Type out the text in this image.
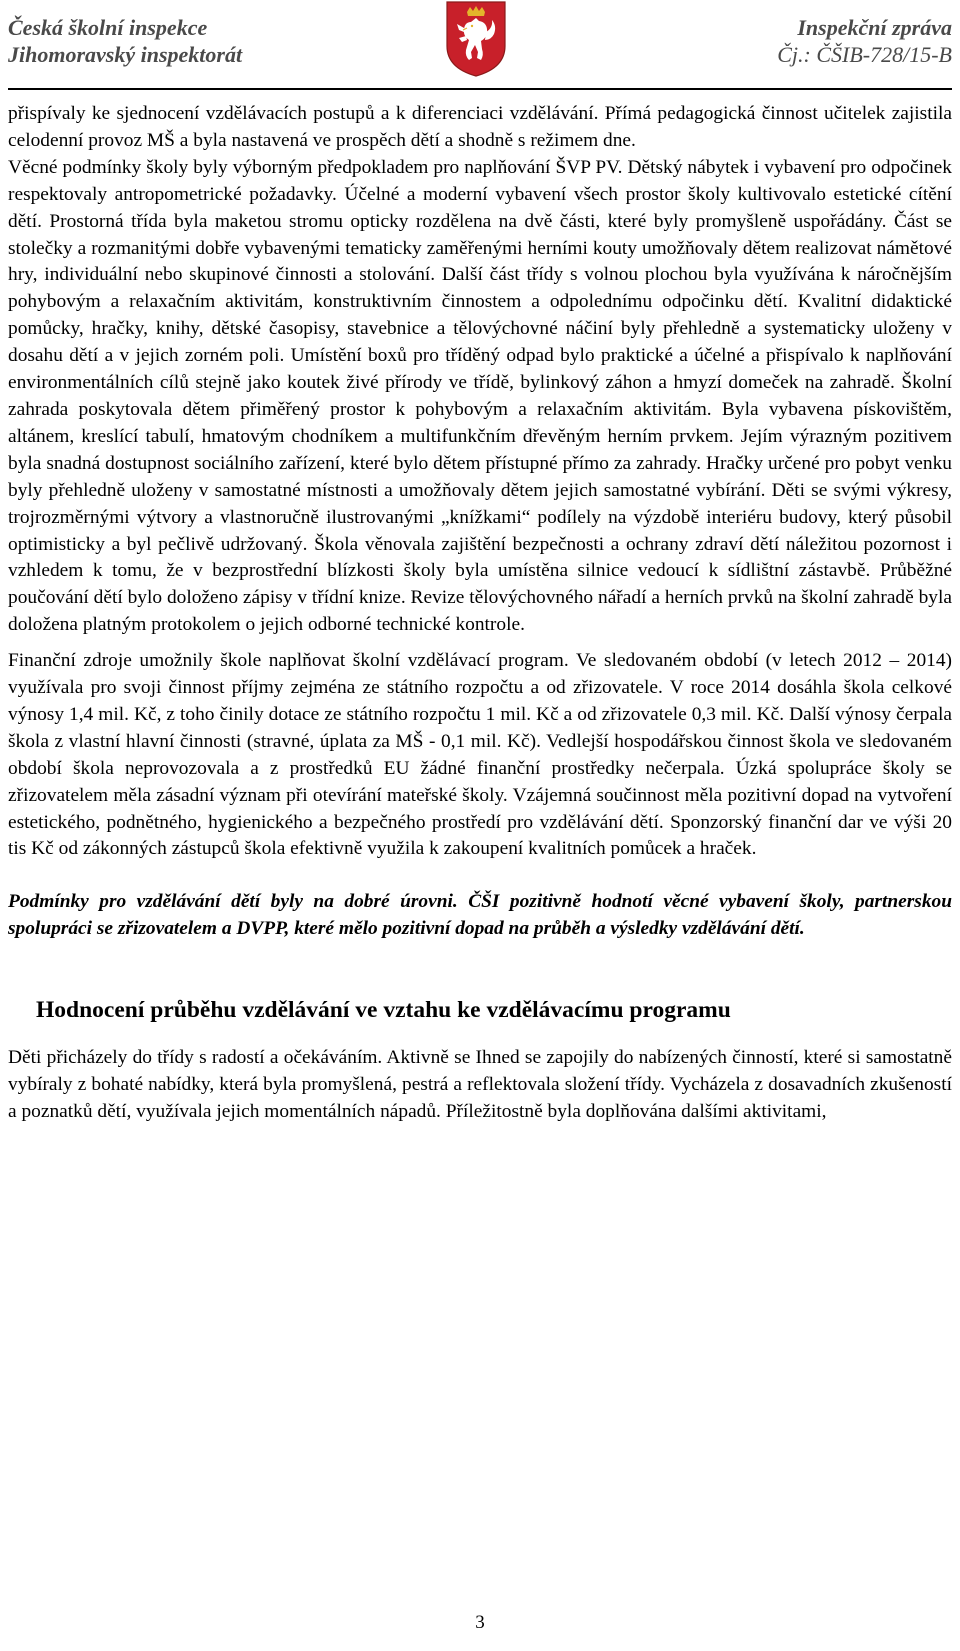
Česká školní inspekce
Jihomoravský inspektorát
Inspekční zpráva
Čj.: ČŠIB-728/15-B

přispívaly ke sjednocení vzdělávacích postupů a k diferenciaci vzdělávání. Přímá pedagogická činnost učitelek zajistila celodenní provoz MŠ a byla nastavená ve prospěch dětí a shodně s režimem dne.

Věcné podmínky školy byly výborným předpokladem pro naplňování ŠVP PV. Dětský nábytek i vybavení pro odpočinek respektovaly antropometrické požadavky. Účelné a moderní vybavení všech prostor školy kultivovalo estetické cítění dětí. Prostorná třída byla maketou stromu opticky rozdělena na dvě části, které byly promyšleně uspořádány. Část se stolečky a rozmanitými dobře vybavenými tematicky zaměřenými herními kouty umožňovaly dětem realizovat námětové hry, individuální nebo skupinové činnosti a stolování. Další část třídy s volnou plochou byla využívána k náročnějším pohybovým a relaxačním aktivitám, konstruktivním činnostem a odpolednímu odpočinku dětí. Kvalitní didaktické pomůcky, hračky, knihy, dětské časopisy, stavebnice a tělovýchovné náčiní byly přehledně a systematicky uloženy v dosahu dětí a v jejich zorném poli. Umístění boxů pro tříděný odpad bylo praktické a účelné a přispívalo k naplňování environmentálních cílů stejně jako koutek živé přírody ve třídě, bylinkový záhon a hmyzí domeček na zahradě. Školní zahrada poskytovala dětem přiměřený prostor k pohybovým a relaxačním aktivitám. Byla vybavena pískovištěm, altánem, kreslící tabulí, hmatovým chodníkem a multifunkčním dřevěným herním prvkem. Jejím výrazným pozitivem byla snadná dostupnost sociálního zařízení, které bylo dětem přístupné přímo za zahrady. Hračky určené pro pobyt venku byly přehledně uloženy v samostatné místnosti a umožňovaly dětem jejich samostatné vybírání. Děti se svými výkresy, trojrozměrnými výtvory a vlastnoručně ilustrovanými „knížkami“ podílely na výzdobě interiéru budovy, který působil optimisticky a byl pečlivě udržovaný. Škola věnovala zajištění bezpečnosti a ochrany zdraví dětí náležitou pozornost i vzhledem k tomu, že v bezprostřední blízkosti školy byla umístěna silnice vedoucí k sídlištní zástavbě. Průběžné poučování dětí bylo doloženo zápisy v třídní knize. Revize tělovýchovného nářadí a herních prvků na školní zahradě byla doložena platným protokolem o jejich odborné technické kontrole.

Finanční zdroje umožnily škole naplňovat školní vzdělávací program. Ve sledovaném období (v letech 2012 – 2014) využívala pro svoji činnost příjmy zejména ze státního rozpočtu a od zřizovatele. V roce 2014 dosáhla škola celkové výnosy 1,4 mil. Kč, z toho činily dotace ze státního rozpočtu 1 mil. Kč a od zřizovatele 0,3 mil. Kč. Další výnosy čerpala škola z vlastní hlavní činnosti (stravné, úplata za MŠ - 0,1 mil. Kč). Vedlejší hospodářskou činnost škola ve sledovaném období škola neprovozovala a z prostředků EU žádné finanční prostředky nečerpala. Úzká spolupráce školy se zřizovatelem měla zásadní význam při otevírání mateřské školy. Vzájemná součinnost měla pozitivní dopad na vytvoření estetického, podnětného, hygienického a bezpečného prostředí pro vzdělávání dětí. Sponzorský finanční dar ve výši 20 tis Kč od zákonných zástupců škola efektivně využila k zakoupení kvalitních pomůcek a hraček.

Podmínky pro vzdělávání dětí byly na dobré úrovni. ČŠI pozitivně hodnotí věcné vybavení školy, partnerskou spolupráci se zřizovatelem a DVPP, které mělo pozitivní dopad na průběh a výsledky vzdělávání dětí.

Hodnocení průběhu vzdělávání ve vztahu ke vzdělávacímu programu

Děti přicházely do třídy s radostí a očekáváním. Aktivně se Ihned se zapojily do nabízených činností, které si samostatně vybíraly z bohaté nabídky, která byla promyšlená, pestrá a reflektovala složení třídy. Vycházela z dosavadních zkušeností a poznatků dětí, využívala jejich momentálních nápadů. Příležitostně byla doplňována dalšími aktivitami,

3
